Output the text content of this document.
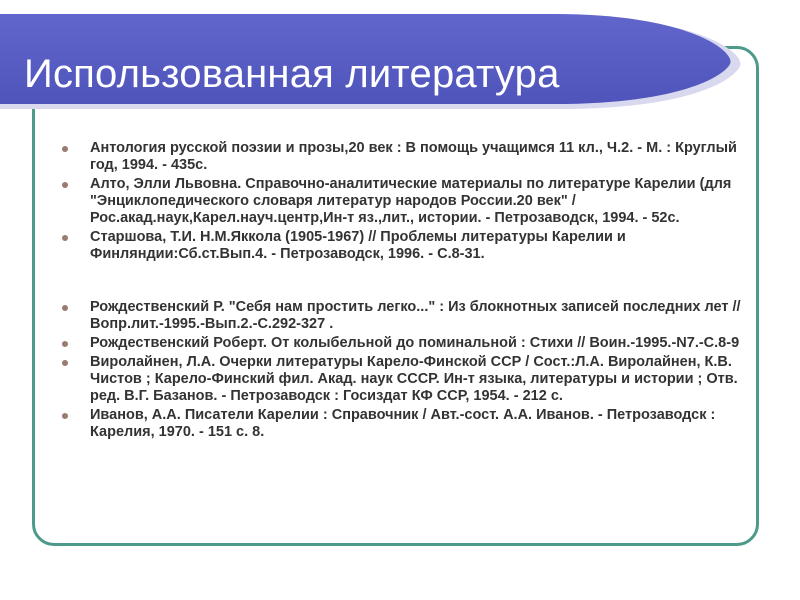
Использованная литература
Антология русской поэзии и прозы,20 век : В помощь учащимся 11 кл., Ч.2. - М. : Круглый год, 1994. - 435с.
Алто, Элли Львовна. Справочно-аналитические материалы по литературе Карелии (для "Энциклопедического словаря литератур народов России.20 век" / Рос.акад.наук,Карел.науч.центр,Ин-т яз.,лит., истории. - Петрозаводск, 1994. - 52с.
Старшова, Т.И. Н.М.Яккола (1905-1967) // Проблемы литературы Карелии и Финляндии:Сб.ст.Вып.4. - Петрозаводск, 1996. - С.8-31.
Рождественский Р. "Себя нам простить легко..." : Из блокнотных записей последних лет // Вопр.лит.-1995.-Вып.2.-С.292-327 .
Рождественский Роберт. От колыбельной до поминальной : Стихи // Воин.-1995.-N7.-С.8-9
Виролайнен, Л.А. Очерки литературы Карело-Финской ССР / Сост.:Л.А. Виролайнен, К.В. Чистов ; Карело-Финский фил. Акад. наук СССР. Ин-т языка, литературы и истории ; Отв. ред. В.Г. Базанов. - Петрозаводск : Госиздат КФ ССР, 1954. - 212 с.
Иванов, А.А. Писатели Карелии : Справочник / Авт.-сост. А.А. Иванов. - Петрозаводск : Карелия, 1970. - 151 с. 8.
